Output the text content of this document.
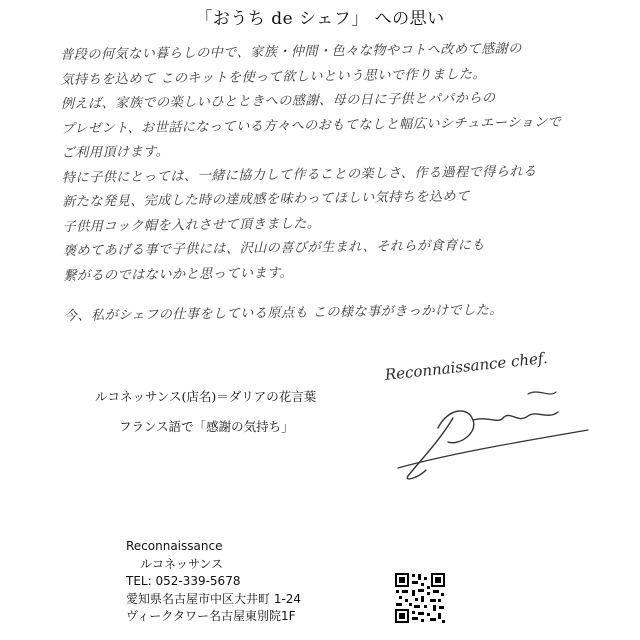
「おうち de シェフ」 への思い
普段の何気ない暮らしの中で、家族・仲間・色々な物やコトへ改めて感謝の
気持ちを込めて このキットを使って欲しいという思いで作りました。
例えば、家族での楽しいひとときへの感謝、母の日に子供とパパからの
プレゼント、お世話になっている方々へのおもてなしと幅広いシチュエーションで
ご利用頂けます。
特に子供にとっては、一緒に協力して作ることの楽しさ、作る過程で得られる
新たな発見、完成した時の達成感を味わってほしい気持ちを込めて
子供用コック帽を入れさせて頂きました。
褒めてあげる事で子供には、沢山の喜びが生まれ、それらが食育にも
繋がるのではないかと思っています。
今、私がシェフの仕事をしている原点も この様な事がきっかけでした。
ルコネッサンス(店名)＝ダリアの花言葉
フランス語で「感謝の気持ち」
Reconnaissance chef.
Reconnaissance
ルコネッサンス
TEL: 052-339-5678
愛知県名古屋市中区大井町 1-24
ヴィークタワー名古屋東別院1F
